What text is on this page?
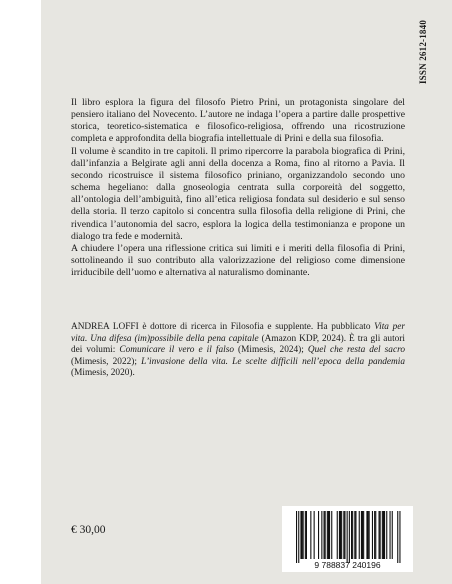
ISSN 2612-1840

Il libro esplora la figura del filosofo Pietro Prini, un protagonista singolare del pensiero italiano del Novecento. L’autore ne indaga l’opera a partire dalle prospettive storica, teoretico-sistematica e filosofico-religiosa, offrendo una ricostruzione completa e approfondita della biografia intellettuale di Prini e della sua filosofia.

Il volume è scandito in tre capitoli. Il primo ripercorre la parabola biografica di Prini, dall’infanzia a Belgirate agli anni della docenza a Roma, fino al ritorno a Pavia. Il secondo ricostruisce il sistema filosofico priniano, organizzandolo secondo uno schema hegeliano: dalla gnoseologia centrata sulla corporeità del soggetto, all’ontologia dell’ambiguità, fino all’etica religiosa fondata sul desiderio e sul senso della storia. Il terzo capitolo si concentra sulla filosofia della religione di Prini, che rivendica l’autonomia del sacro, esplora la logica della testimonianza e propone un dialogo tra fede e modernità.

A chiudere l’opera una riflessione critica sui limiti e i meriti della filosofia di Prini, sottolineando il suo contributo alla valorizzazione del religioso come dimensione irriducibile dell’uomo e alternativa al naturalismo dominante.

ANDREA LOFFI è dottore di ricerca in Filosofia e supplente. Ha pubblicato Vita per vita. Una difesa (im)possibile della pena capitale (Amazon KDP, 2024). È tra gli autori dei volumi: Comunicare il vero e il falso (Mimesis, 2024); Quel che resta del sacro (Mimesis, 2022); L’invasione della vita. Le scelte difficili nell’epoca della pandemia (Mimesis, 2020).
€ 30,00
9 788837 240196
